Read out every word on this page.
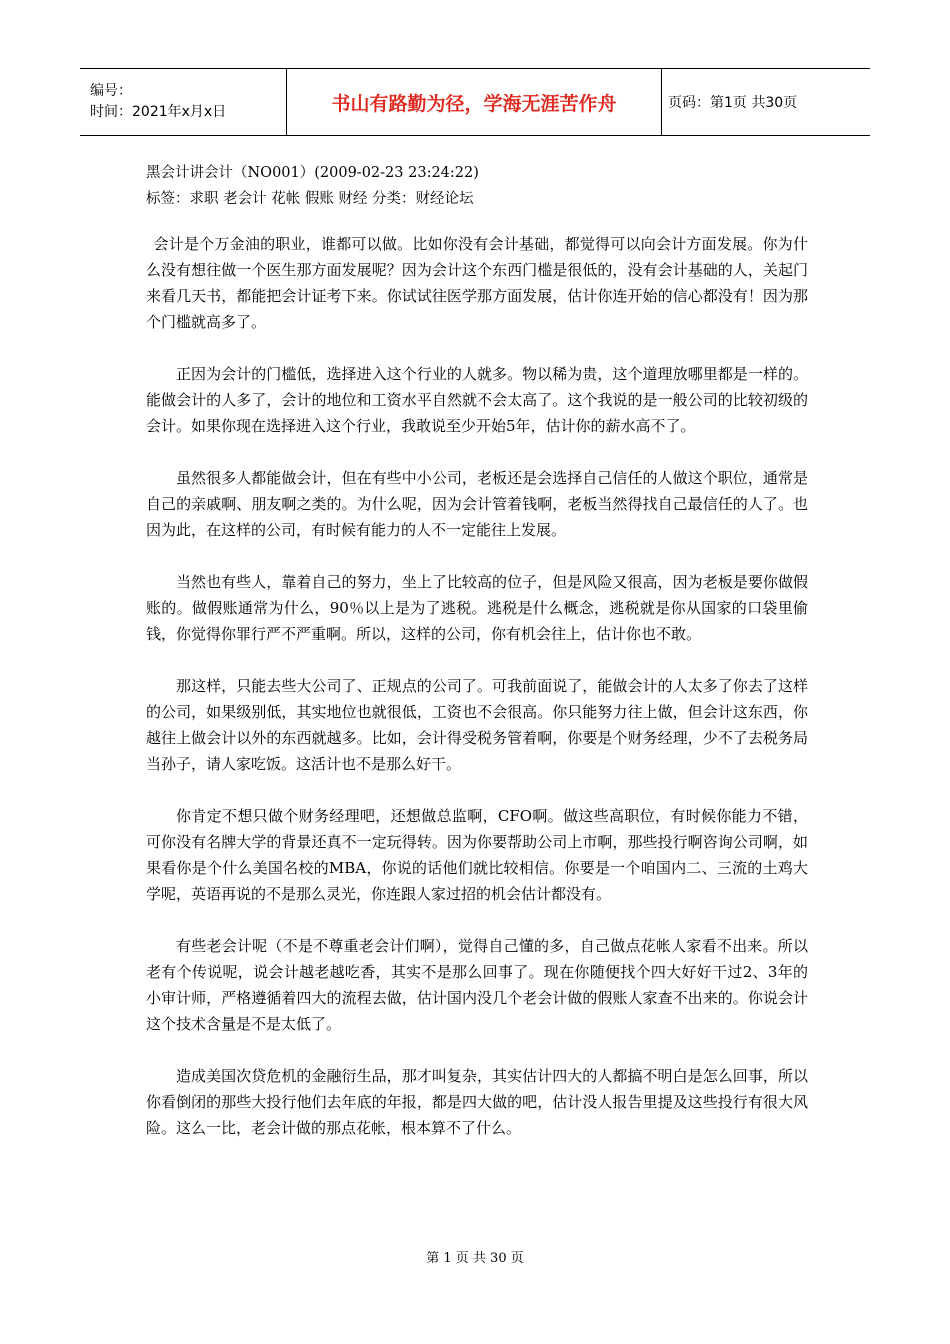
编号：
时间：2021年x月x日	书山有路勤为径，学海无涯苦作舟	页码：第1页 共30页
黑会计讲会计（NO001）(2009-02-23 23:24:22)
标签：求职 老会计 花帐 假账 财经 分类：财经论坛

会计是个万金油的职业，谁都可以做。比如你没有会计基础，都觉得可以向会计方面发展。你为什么没有想往做一个医生那方面发展呢？因为会计这个东西门槛是很低的，没有会计基础的人，关起门来看几天书，都能把会计证考下来。你试试往医学那方面发展，估计你连开始的信心都没有！因为那个门槛就高多了。

正因为会计的门槛低，选择进入这个行业的人就多。物以稀为贵，这个道理放哪里都是一样的。能做会计的人多了，会计的地位和工资水平自然就不会太高了。这个我说的是一般公司的比较初级的会计。如果你现在选择进入这个行业，我敢说至少开始5年，估计你的薪水高不了。

虽然很多人都能做会计，但在有些中小公司，老板还是会选择自己信任的人做这个职位，通常是自己的亲戚啊、朋友啊之类的。为什么呢，因为会计管着钱啊，老板当然得找自己最信任的人了。也因为此，在这样的公司，有时候有能力的人不一定能往上发展。

当然也有些人，靠着自己的努力，坐上了比较高的位子，但是风险又很高，因为老板是要你做假账的。做假账通常为什么，90％以上是为了逃税。逃税是什么概念，逃税就是你从国家的口袋里偷钱，你觉得你罪行严不严重啊。所以，这样的公司，你有机会往上，估计你也不敢。

那这样，只能去些大公司了、正规点的公司了。可我前面说了，能做会计的人太多了你去了这样的公司，如果级别低，其实地位也就很低，工资也不会很高。你只能努力往上做，但会计这东西，你越往上做会计以外的东西就越多。比如，会计得受税务管着啊，你要是个财务经理，少不了去税务局当孙子，请人家吃饭。这活计也不是那么好干。

你肯定不想只做个财务经理吧，还想做总监啊，CFO啊。做这些高职位，有时候你能力不错，可你没有名牌大学的背景还真不一定玩得转。因为你要帮助公司上市啊，那些投行啊咨询公司啊，如果看你是个什么美国名校的MBA，你说的话他们就比较相信。你要是一个咱国内二、三流的土鸡大学呢，英语再说的不是那么灵光，你连跟人家过招的机会估计都没有。

有些老会计呢（不是不尊重老会计们啊），觉得自己懂的多，自己做点花帐人家看不出来。所以老有个传说呢，说会计越老越吃香，其实不是那么回事了。现在你随便找个四大好好干过2、3年的小审计师，严格遵循着四大的流程去做，估计国内没几个老会计做的假账人家查不出来的。你说会计这个技术含量是不是太低了。

造成美国次贷危机的金融衍生品，那才叫复杂，其实估计四大的人都搞不明白是怎么回事，所以你看倒闭的那些大投行他们去年底的年报，都是四大做的吧，估计没人报告里提及这些投行有很大风险。这么一比，老会计做的那点花帐，根本算不了什么。

第 1 页 共 30 页
